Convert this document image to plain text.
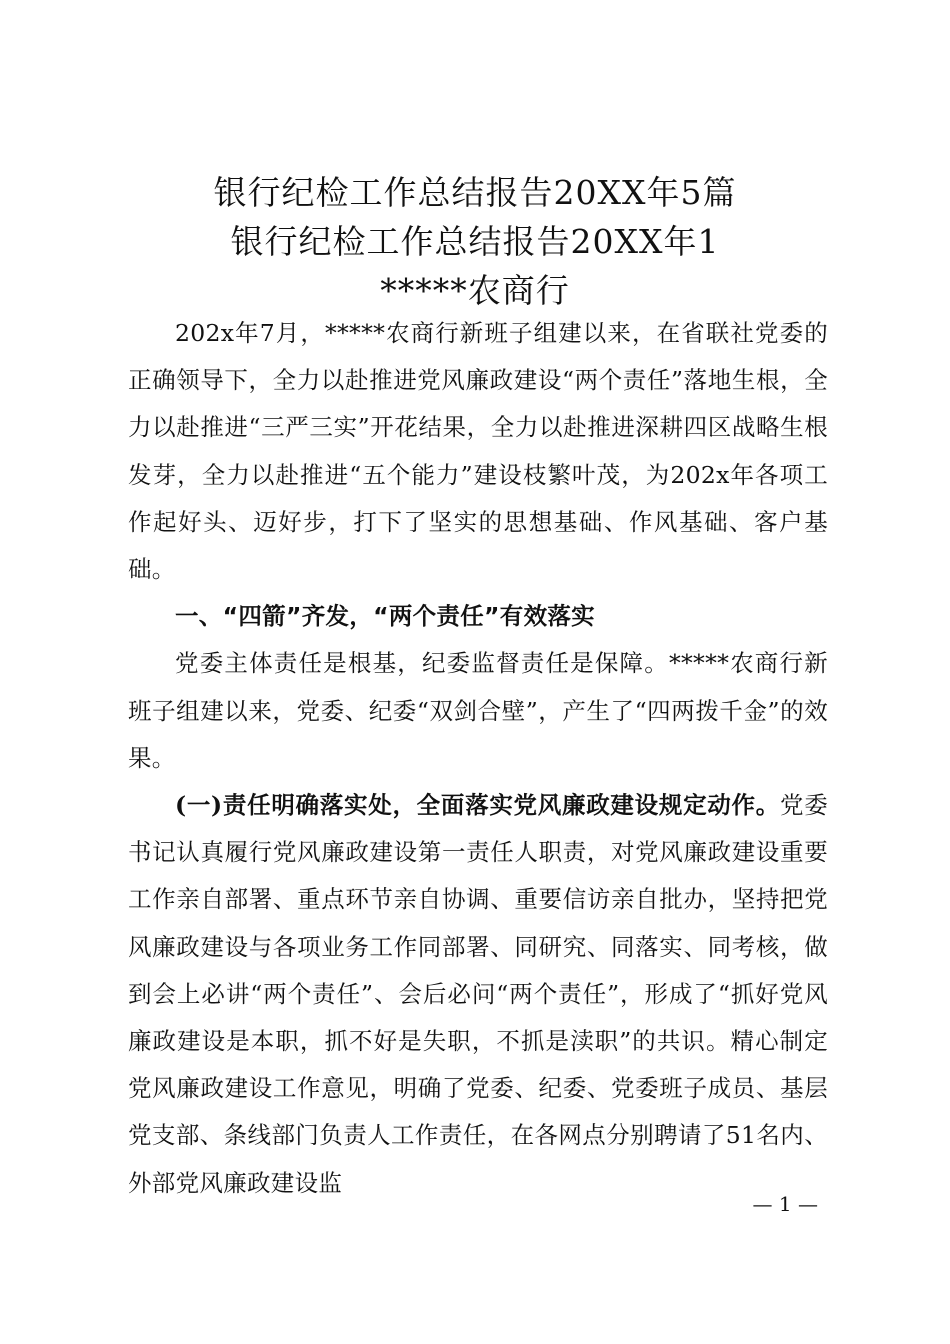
银行纪检工作总结报告20XX年5篇
银行纪检工作总结报告20XX年1
*****农商行

202x年7月，*****农商行新班子组建以来，在省联社党委的正确领导下，全力以赴推进党风廉政建设“两个责任”落地生根，全力以赴推进“三严三实”开花结果，全力以赴推进深耕四区战略生根发芽，全力以赴推进“五个能力”建设枝繁叶茂，为202x年各项工作起好头、迈好步，打下了坚实的思想基础、作风基础、客户基础。

一、“四箭”齐发，“两个责任”有效落实

党委主体责任是根基，纪委监督责任是保障。*****农商行新班子组建以来，党委、纪委“双剑合壁”，产生了“四两拨千金”的效果。

(一)责任明确落实处，全面落实党风廉政建设规定动作。党委书记认真履行党风廉政建设第一责任人职责，对党风廉政建设重要工作亲自部署、重点环节亲自协调、重要信访亲自批办，坚持把党风廉政建设与各项业务工作同部署、同研究、同落实、同考核，做到会上必讲“两个责任”、会后必问“两个责任”，形成了“抓好党风廉政建设是本职，抓不好是失职，不抓是渎职”的共识。精心制定党风廉政建设工作意见，明确了党委、纪委、党委班子成员、基层党支部、条线部门负责人工作责任，在各网点分别聘请了51名内、外部党风廉政建设监

— 1 —
